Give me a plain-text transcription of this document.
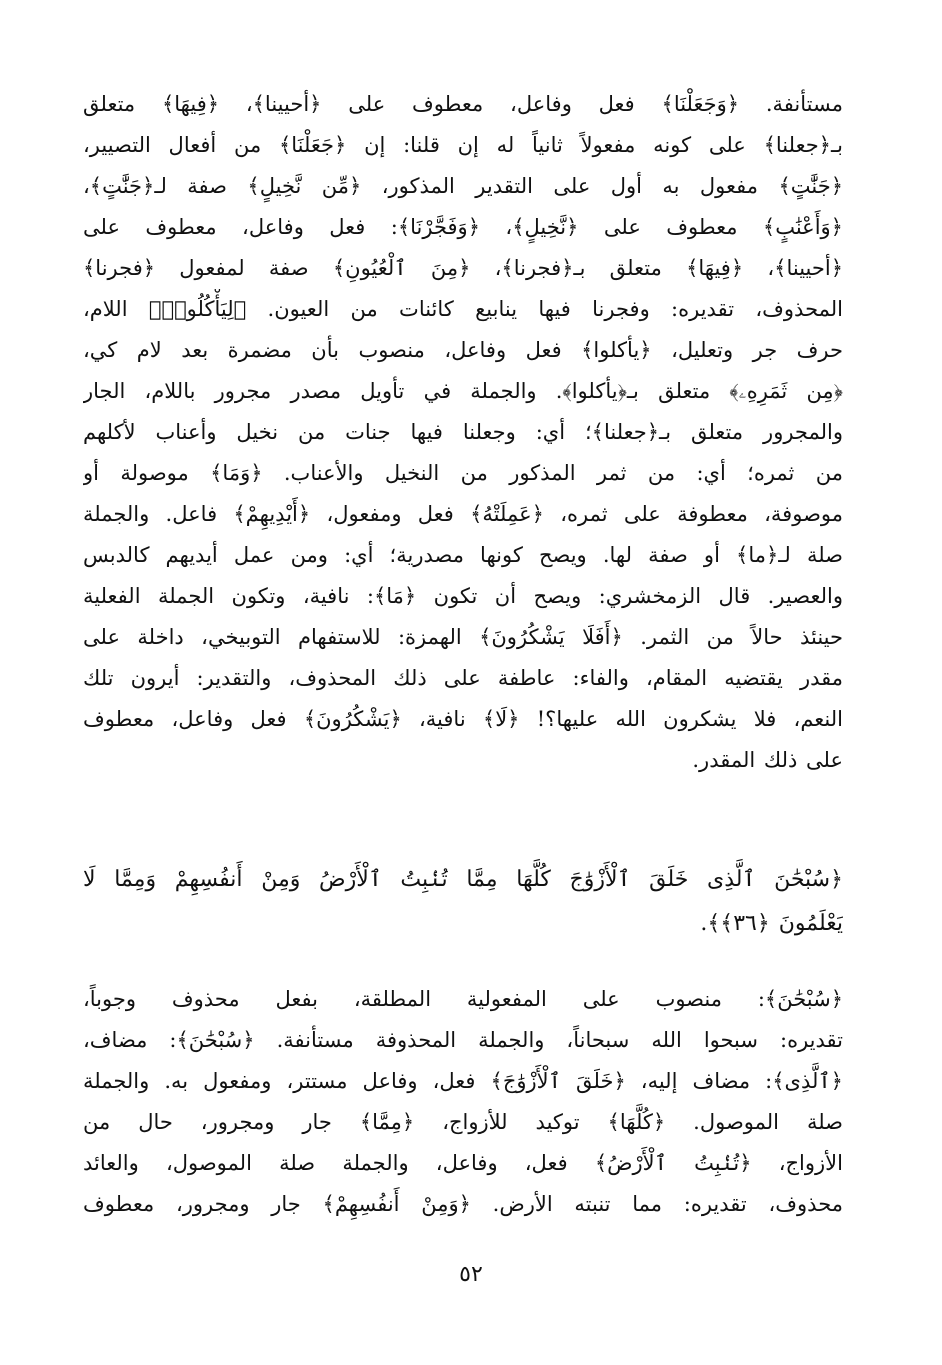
مستأنفة. ﴿وَجَعَلْنَا﴾ فعل وفاعل، معطوف على ﴿أحيينا﴾، ﴿فِيهَا﴾ متعلق
بـ﴿جعلنا﴾ على كونه مفعولاً ثانياً له إن قلنا: إن ﴿جَعَلْنَا﴾ من أفعال التصيير،
﴿جَنَّٰتٍ﴾ مفعول به أول على التقدير المذكور، ﴿مِّن نَّخِيلٍ﴾ صفة لـ﴿جَنَّٰتٍ﴾،
﴿وَأَعْنَٰبٍ﴾ معطوف على ﴿نَّخِيلٍ﴾، ﴿وَفَجَّرْنَا﴾: فعل وفاعل، معطوف على
﴿أحيينا﴾، ﴿فِيهَا﴾ متعلق بـ﴿فجرنا﴾، ﴿مِنَ ٱلْعُيُونِ﴾ صفة لمفعول ﴿فجرنا﴾
المحذوف، تقديره: وفجرنا فيها ينابيع كائنات من العيون. ﴿لِيَأْكُلُوا۟﴾ اللام،
حرف جر وتعليل، ﴿يأكلوا﴾ فعل وفاعل، منصوب بأن مضمرة بعد لام كي،
﴿مِن ثَمَرِهِۦ﴾ متعلق بـ﴿يأكلوا﴾. والجملة في تأويل مصدر مجرور باللام، الجار
والمجرور متعلق بـ﴿جعلنا﴾؛ أي: وجعلنا فيها جنات من نخيل وأعناب لأكلهم
من ثمره؛ أي: من ثمر المذكور من النخيل والأعناب. ﴿وَمَا﴾ موصولة أو
موصوفة، معطوفة على ثمره، ﴿عَمِلَتْهُ﴾ فعل ومفعول، ﴿أَيْدِيهِمْ﴾ فاعل. والجملة
صلة لـ﴿ما﴾ أو صفة لها. ويصح كونها مصدرية؛ أي: ومن عمل أيديهم كالدبس
والعصير. قال الزمخشري: ويصح أن تكون ﴿مَا﴾: نافية، وتكون الجملة الفعلية
حينئذ حالاً من الثمر. ﴿أَفَلَا يَشْكُرُونَ﴾ الهمزة: للاستفهام التوبيخي، داخلة على
مقدر يقتضيه المقام، والفاء: عاطفة على ذلك المحذوف، والتقدير: أيرون تلك
النعم، فلا يشكرون الله عليها؟! ﴿لَا﴾ نافية، ﴿يَشْكُرُونَ﴾ فعل وفاعل، معطوف
على ذلك المقدر.
﴿سُبْحَٰنَ ٱلَّذِى خَلَقَ ٱلْأَزْوَٰجَ كُلَّهَا مِمَّا تُنۢبِتُ ٱلْأَرْضُ وَمِنْ أَنفُسِهِمْ وَمِمَّا لَا
يَعْلَمُونَ ﴿٣٦﴾﴾.
﴿سُبْحَٰنَ﴾: منصوب على المفعولية المطلقة، بفعل محذوف وجوباً،
تقديره: سبحوا الله سبحاناً، والجملة المحذوفة مستأنفة. ﴿سُبْحَٰنَ﴾: مضاف،
﴿ٱلَّذِى﴾: مضاف إليه، ﴿خَلَقَ ٱلْأَزْوَٰجَ﴾ فعل، وفاعل مستتر، ومفعول به. والجملة
صلة الموصول. ﴿كُلَّهَا﴾ توكيد للأزواج، ﴿مِمَّا﴾ جار ومجرور، حال من
الأزواج، ﴿تُنۢبِتُ ٱلْأَرْضُ﴾ فعل، وفاعل، والجملة صلة الموصول، والعائد
محذوف، تقديره: مما تنبته الأرض. ﴿وَمِنْ أَنفُسِهِمْ﴾ جار ومجرور، معطوف
٥٢
